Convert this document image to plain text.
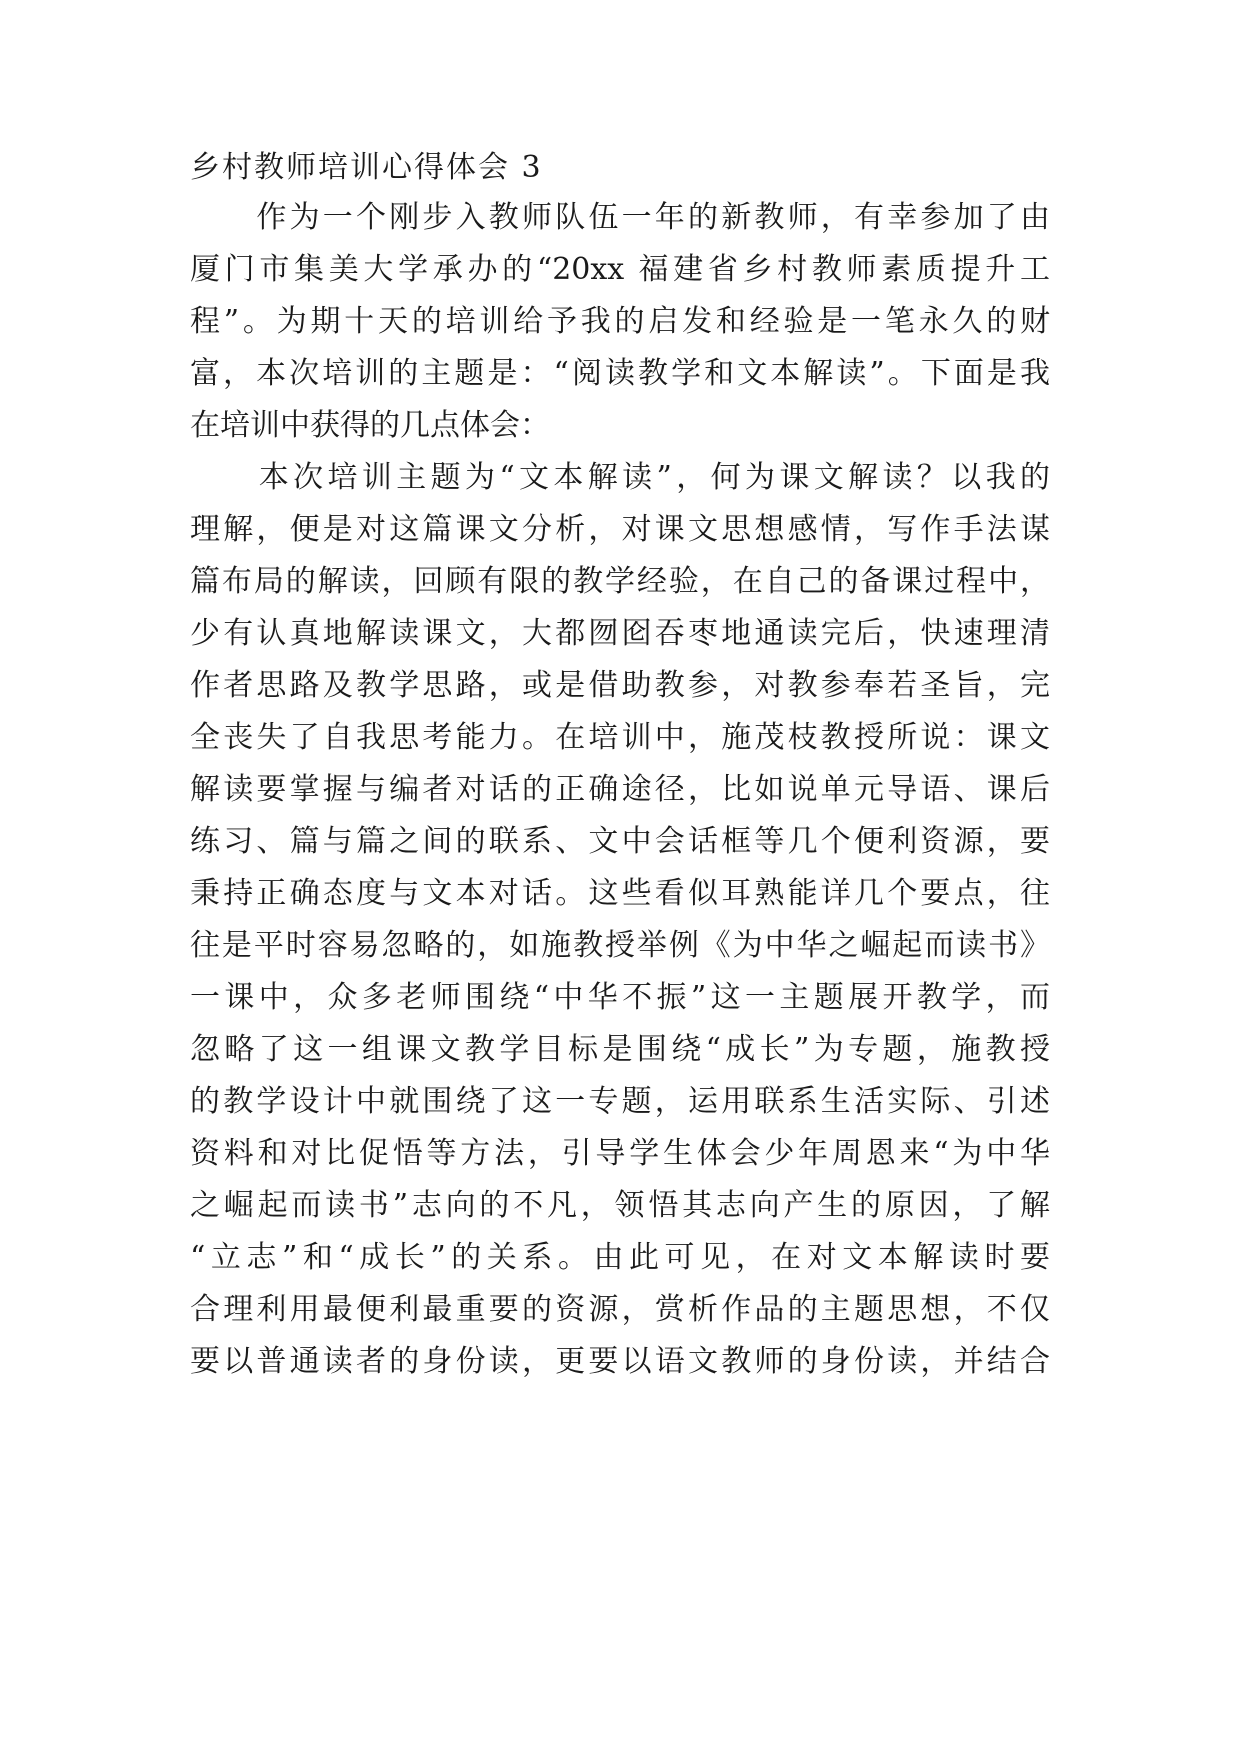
乡村教师培训心得体会 3
　　作为一个刚步入教师队伍一年的新教师，有幸参加了由
厦门市集美大学承办的“20xx 福建省乡村教师素质提升工
程”。为期十天的培训给予我的启发和经验是一笔永久的财
富，本次培训的主题是：“阅读教学和文本解读”。下面是我
在培训中获得的几点体会：
　　本次培训主题为“文本解读”，何为课文解读？以我的
理解，便是对这篇课文分析，对课文思想感情，写作手法谋
篇布局的解读，回顾有限的教学经验，在自己的备课过程中，
少有认真地解读课文，大都囫囵吞枣地通读完后，快速理清
作者思路及教学思路，或是借助教参，对教参奉若圣旨，完
全丧失了自我思考能力。在培训中，施茂枝教授所说：课文
解读要掌握与编者对话的正确途径，比如说单元导语、课后
练习、篇与篇之间的联系、文中会话框等几个便利资源，要
秉持正确态度与文本对话。这些看似耳熟能详几个要点，往
往是平时容易忽略的，如施教授举例《为中华之崛起而读书》
一课中，众多老师围绕“中华不振”这一主题展开教学，而
忽略了这一组课文教学目标是围绕“成长”为专题，施教授
的教学设计中就围绕了这一专题，运用联系生活实际、引述
资料和对比促悟等方法，引导学生体会少年周恩来“为中华
之崛起而读书”志向的不凡，领悟其志向产生的原因，了解
“立志”和“成长”的关系。由此可见，在对文本解读时要
合理利用最便利最重要的资源，赏析作品的主题思想，不仅
要以普通读者的身份读，更要以语文教师的身份读，并结合
